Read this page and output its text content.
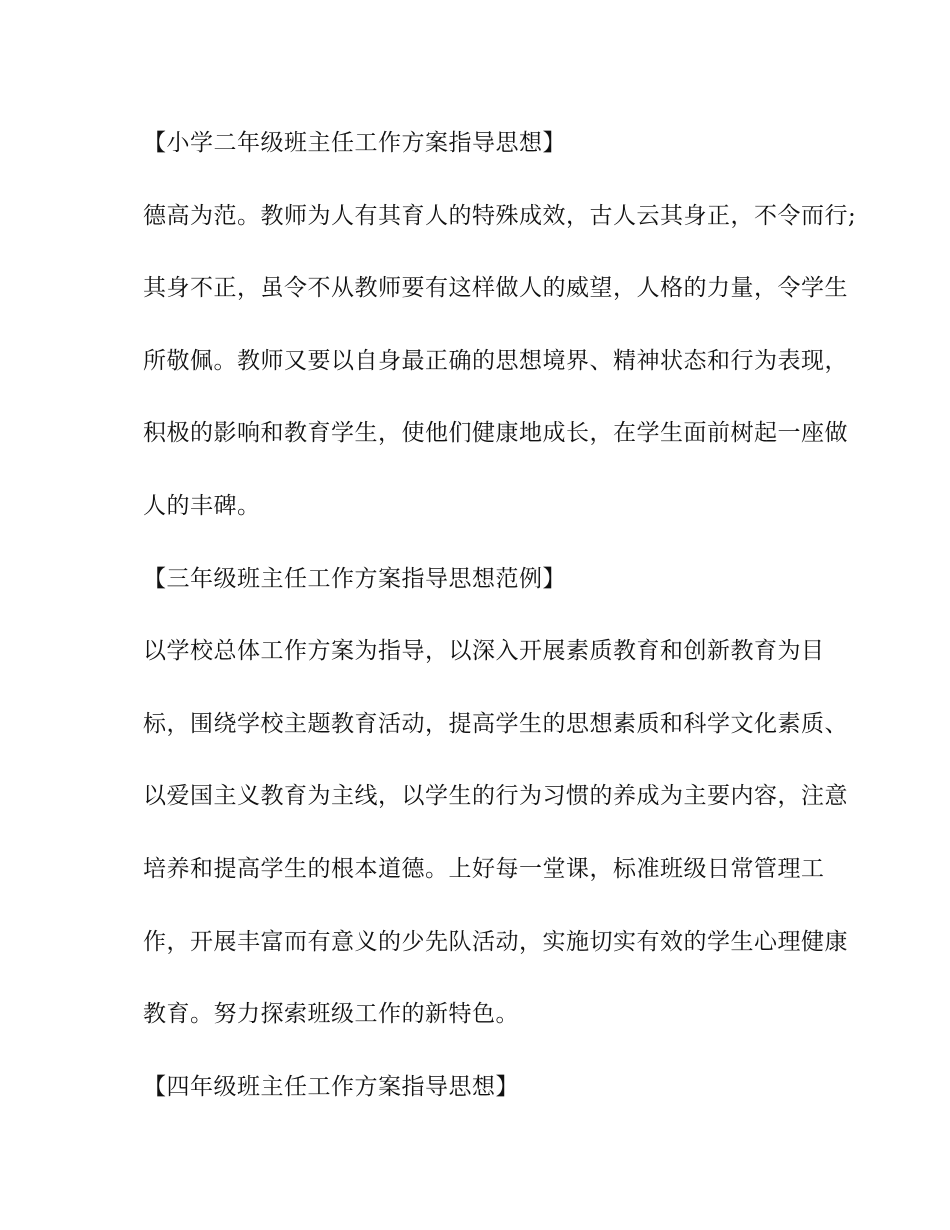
【小学二年级班主任工作方案指导思想】

德高为范。教师为人有其育人的特殊成效，古人云其身正，不令而行;

其身不正，虽令不从教师要有这样做人的威望，人格的力量，令学生

所敬佩。教师又要以自身最正确的思想境界、精神状态和行为表现，

积极的影响和教育学生，使他们健康地成长，在学生面前树起一座做

人的丰碑。

【三年级班主任工作方案指导思想范例】

以学校总体工作方案为指导，以深入开展素质教育和创新教育为目

标，围绕学校主题教育活动，提高学生的思想素质和科学文化素质、

以爱国主义教育为主线，以学生的行为习惯的养成为主要内容，注意

培养和提高学生的根本道德。上好每一堂课，标准班级日常管理工

作，开展丰富而有意义的少先队活动，实施切实有效的学生心理健康

教育。努力探索班级工作的新特色。

【四年级班主任工作方案指导思想】
